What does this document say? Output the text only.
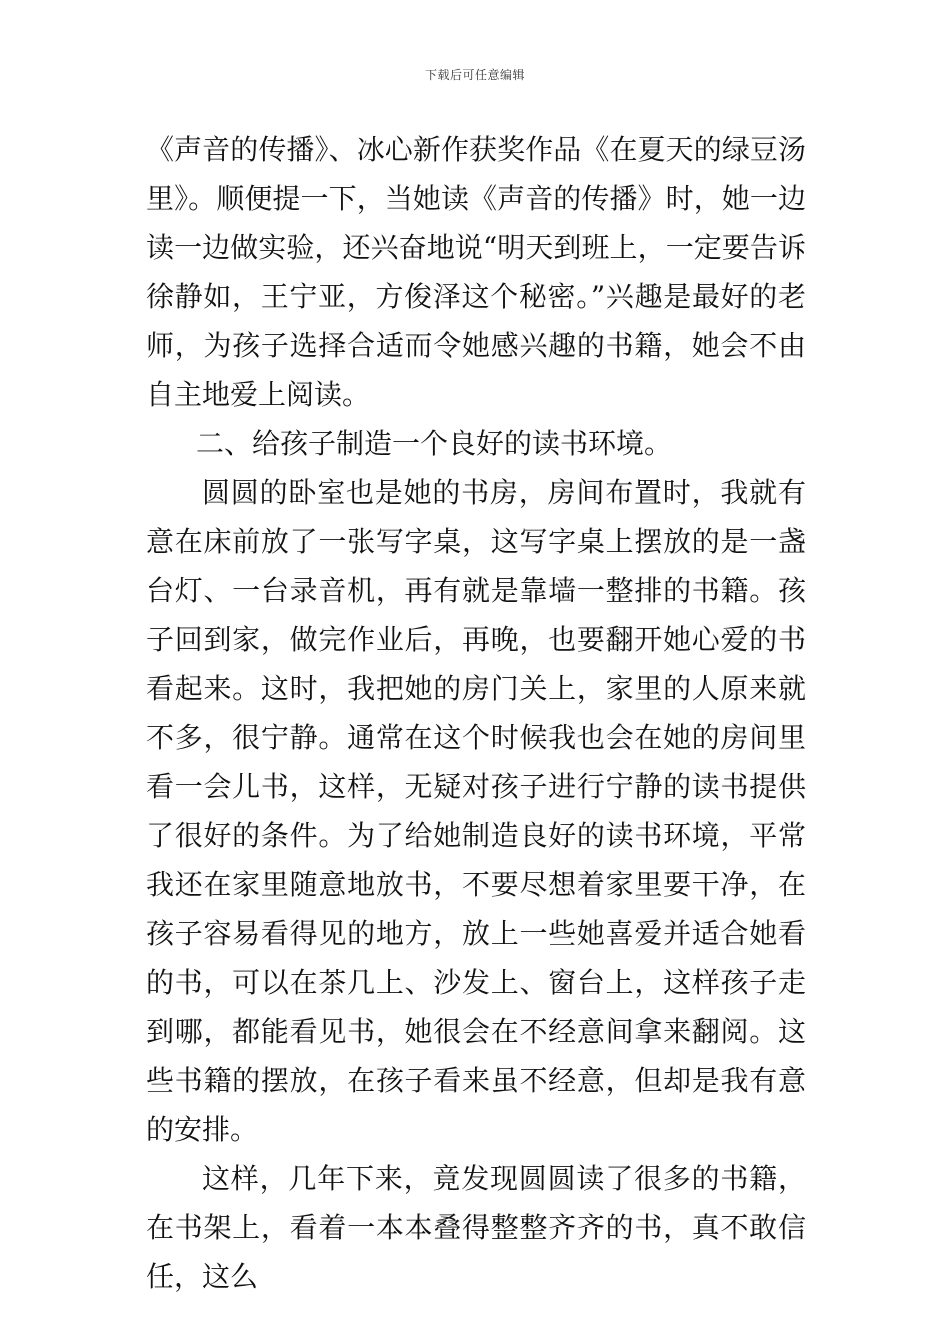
下载后可任意编辑

《声音的传播》、冰心新作获奖作品《在夏天的绿豆汤里》。顺便提一下，当她读《声音的传播》时，她一边读一边做实验，还兴奋地说“明天到班上，一定要告诉徐静如，王宁亚，方俊泽这个秘密。”兴趣是最好的老师，为孩子选择合适而令她感兴趣的书籍，她会不由自主地爱上阅读。

二、给孩子制造一个良好的读书环境。

圆圆的卧室也是她的书房，房间布置时，我就有意在床前放了一张写字桌，这写字桌上摆放的是一盏台灯、一台录音机，再有就是靠墙一整排的书籍。孩子回到家，做完作业后，再晚，也要翻开她心爱的书看起来。这时，我把她的房门关上，家里的人原来就不多，很宁静。通常在这个时候我也会在她的房间里看一会儿书，这样，无疑对孩子进行宁静的读书提供了很好的条件。为了给她制造良好的读书环境，平常我还在家里随意地放书，不要尽想着家里要干净，在孩子容易看得见的地方，放上一些她喜爱并适合她看的书，可以在茶几上、沙发上、窗台上，这样孩子走到哪，都能看见书，她很会在不经意间拿来翻阅。这些书籍的摆放，在孩子看来虽不经意，但却是我有意的安排。

这样，几年下来，竟发现圆圆读了很多的书籍，在书架上，看着一本本叠得整整齐齐的书，真不敢信任，这么
